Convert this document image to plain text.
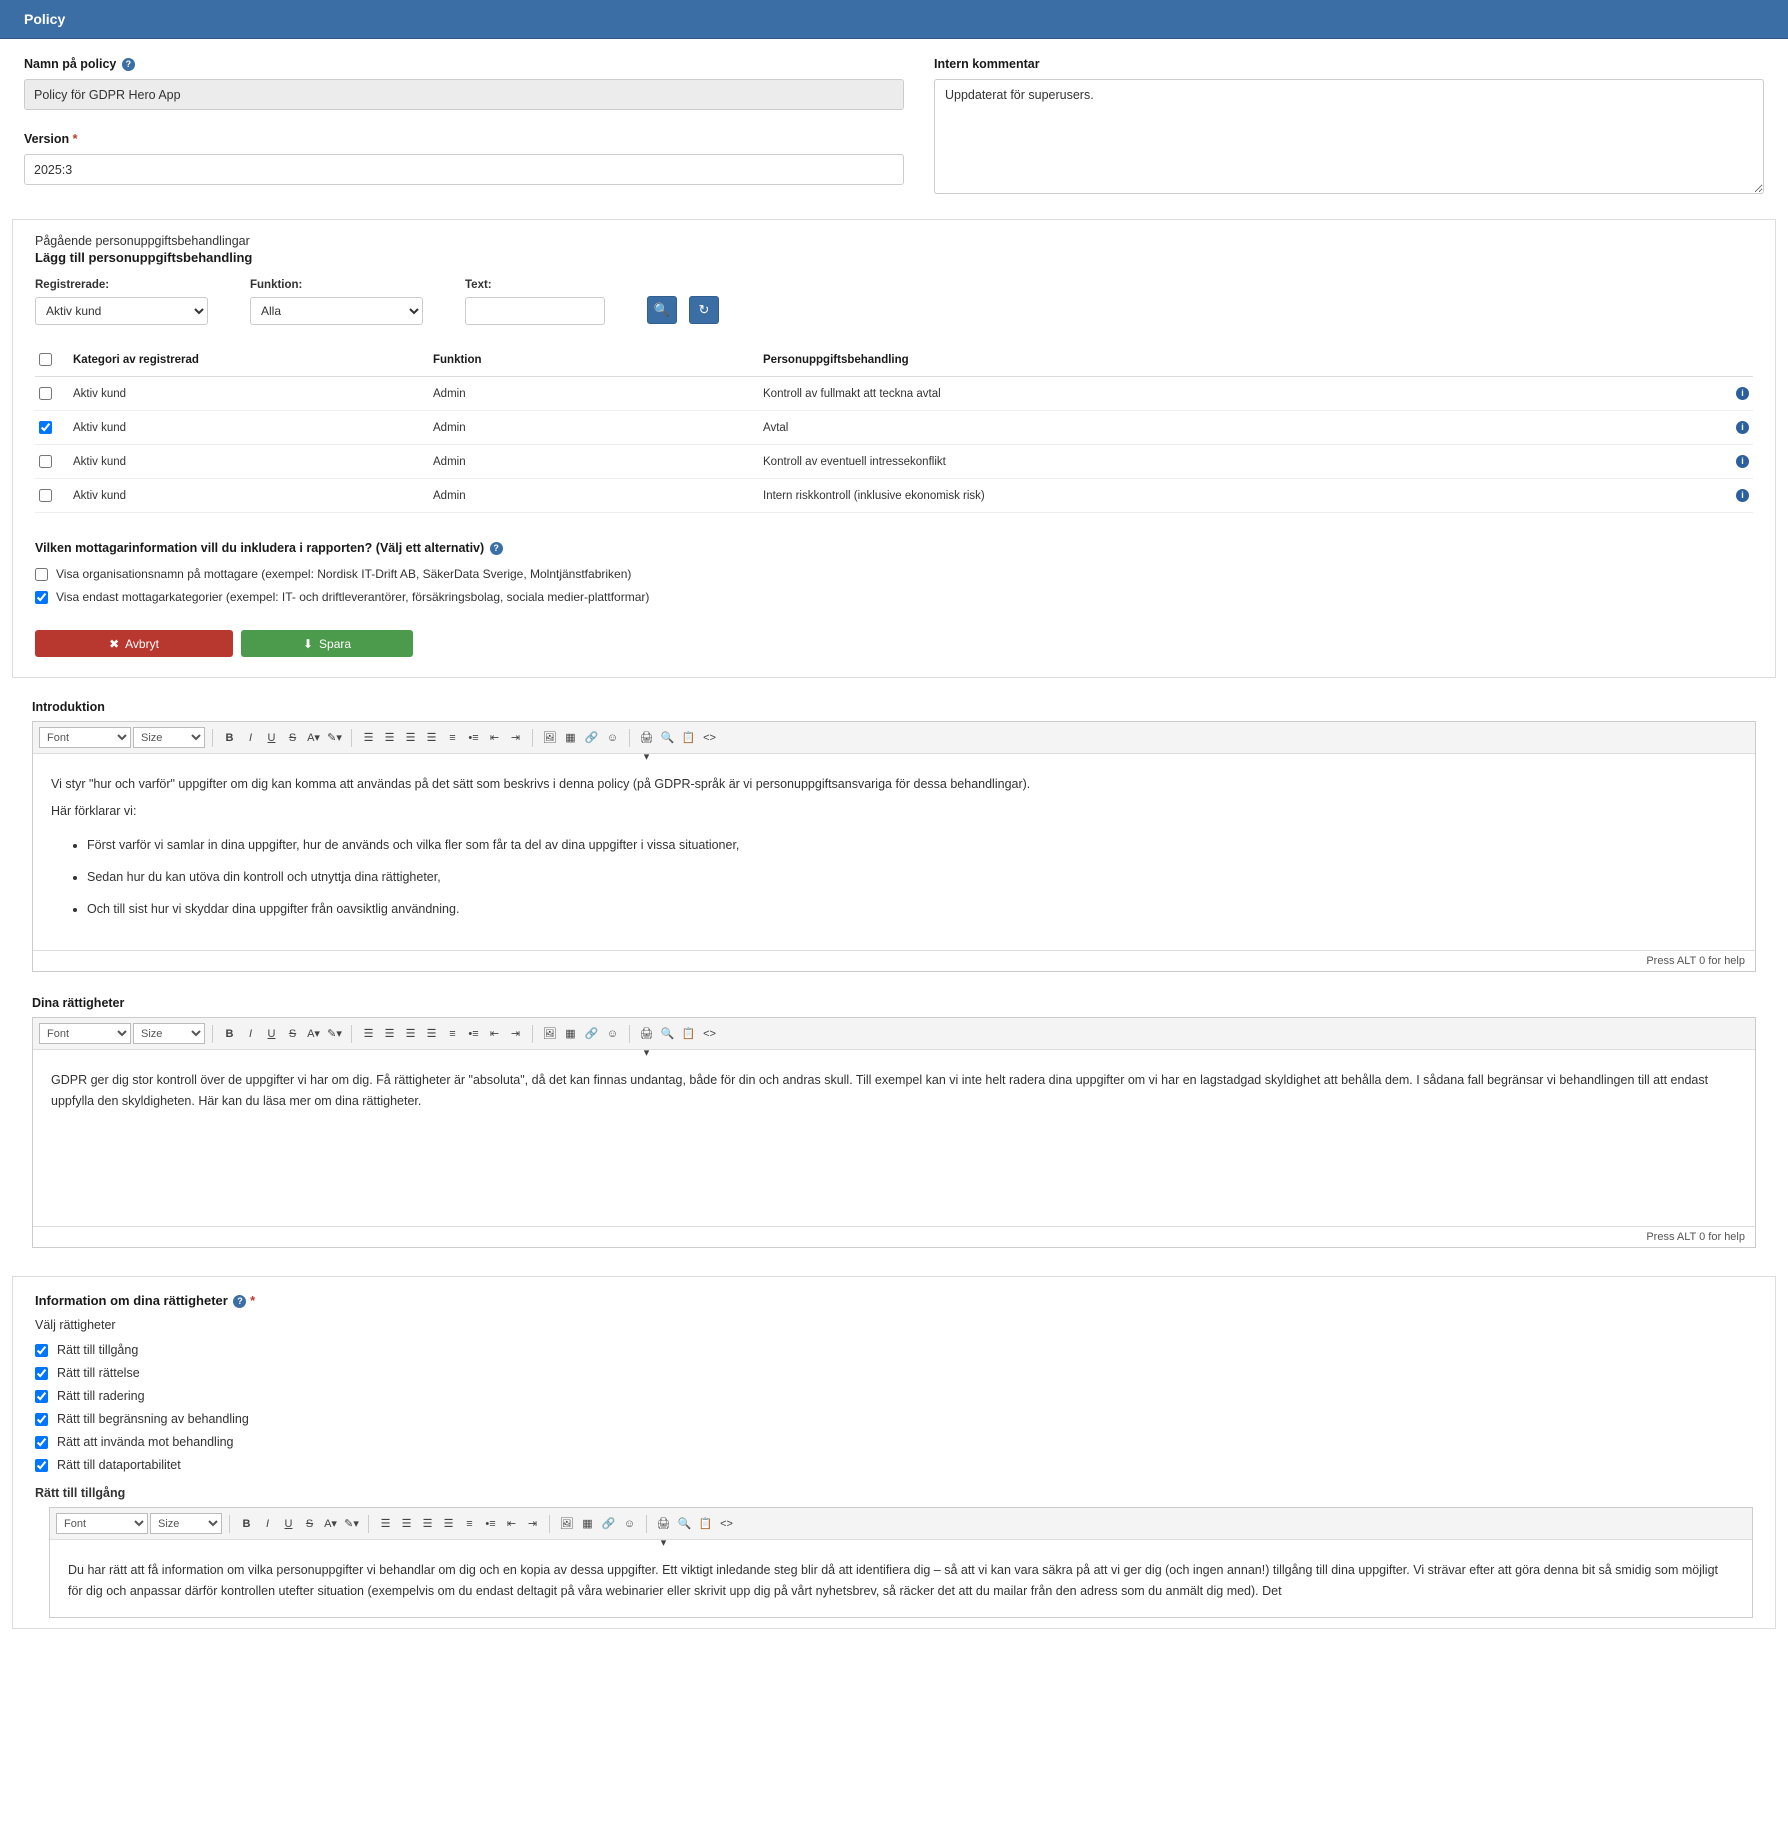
Policy
Namn på policy ?
Policy för GDPR Hero App
Version *
2025:3
Intern kommentar
Uppdaterat för superusers.
Pågående personuppgiftsbehandlingar
Lägg till personuppgiftsbehandling
Registrerade:
Aktiv kund	Funktion:
Alla	Text:
🔍	↻
	Kategori av registrerad	Funktion	Personuppgiftsbehandling	
	Aktiv kund	Admin	Kontroll av fullmakt att teckna avtal	i
	Aktiv kund	Admin	Avtal	i
	Aktiv kund	Admin	Kontroll av eventuell intressekonflikt	i
	Aktiv kund	Admin	Intern riskkontroll (inklusive ekonomisk risk)	i
Vilken mottagarinformation vill du inkludera i rapporten? (Välj ett alternativ) ?
Visa organisationsnamn på mottagare (exempel: Nordisk IT-Drift AB, SäkerData Sverige, Molntjänstfabriken)
Visa endast mottagarkategorier (exempel: IT- och driftleverantörer, försäkringsbolag, sociala medier-plattformar)
✖ Avbryt	⬇ Spara
Introduktion
Font
Size
B	I	U	S A▾ ✎▾	☰	☰	☰	☰	≡	•≡	⇤	⇥	🖼 ▦ 🔗 ☺	🖨▾
🔍 📋 <>

Vi styr "hur och varför" uppgifter om dig kan komma att användas på det sätt som beskrivs i denna policy (på GDPR-språk är vi personuppgiftsansvariga för dessa behandlingar).

Här förklarar vi:

• Först varför vi samlar in dina uppgifter, hur de används och vilka fler som får ta del av dina uppgifter i vissa situationer,
• Sedan hur du kan utöva din kontroll och utnyttja dina rättigheter,
• Och till sist hur vi skyddar dina uppgifter från oavsiktlig användning.
Press ALT 0 for help
Dina rättigheter
Font
Size
B	I	U	S A▾ ✎▾	☰	☰	☰	☰	≡	•≡	⇤	⇥	🖼 ▦ 🔗 ☺	🖨▾
🔍 📋 <>

GDPR ger dig stor kontroll över de uppgifter vi har om dig. Få rättigheter är "absoluta", då det kan finnas undantag, både för din och andras skull. Till exempel kan vi inte helt radera dina uppgifter om vi har en lagstadgad skyldighet att behålla dem. I sådana fall begränsar vi behandlingen till att endast uppfylla den skyldigheten. Här kan du läsa mer om dina rättigheter.

Press ALT 0 for help
Information om dina rättigheter ? *
Välj rättigheter
Rätt till tillgång
Rätt till rättelse
Rätt till radering
Rätt till begränsning av behandling
Rätt att invända mot behandling
Rätt till dataportabilitet
Rätt till tillgång
Font
Size
B	I	U	S A▾ ✎▾	☰	☰	☰	☰	≡	•≡	⇤	⇥	🖼 ▦ 🔗 ☺	🖨▾
🔍 📋 <>

Du har rätt att få information om vilka personuppgifter vi behandlar om dig och en kopia av dessa uppgifter. Ett viktigt inledande steg blir då att identifiera dig – så att vi kan vara säkra på att vi ger dig (och ingen annan!) tillgång till dina uppgifter. Vi strävar efter att göra denna bit så smidig som möjligt för dig och anpassar därför kontrollen utefter situation (exempelvis om du endast deltagit på våra webinarier eller skrivit upp dig på vårt nyhetsbrev, så räcker det att du mailar från den adress som du anmält dig med). Det
